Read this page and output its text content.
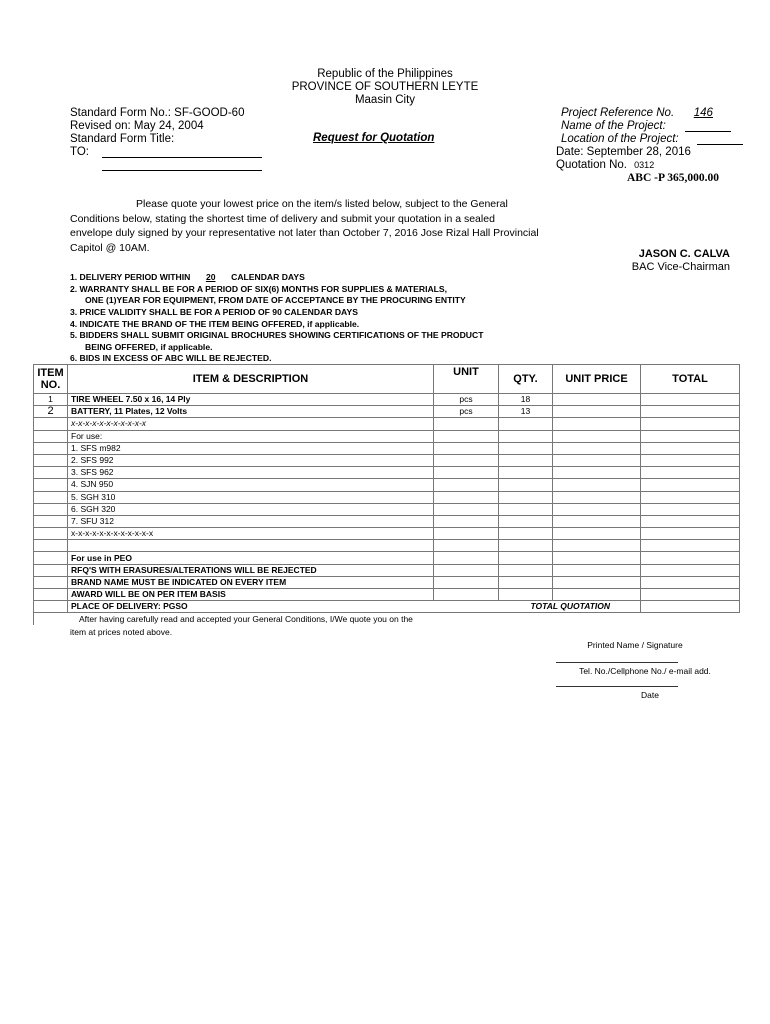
Republic of the Philippines
PROVINCE OF SOUTHERN LEYTE
Maasin City
Standard Form No.: SF-GOOD-60
Revised on: May 24, 2004
Standard Form Title:
TO:
Request for Quotation
Project Reference No. 146
Name of the Project:
Location of the Project:
Date: September 28, 2016
Quotation No. 0312
ABC -P 365,000.00
Please quote your lowest price on the item/s listed below, subject to the General Conditions below, stating the shortest time of delivery and submit your quotation in a sealed envelope duly signed by your representative not later than October 7, 2016 Jose Rizal Hall Provincial Capitol @ 10AM.
JASON C. CALVA
BAC Vice-Chairman
1. DELIVERY PERIOD WITHIN 20 CALENDAR DAYS
2. WARRANTY SHALL BE FOR A PERIOD OF SIX(6) MONTHS FOR SUPPLIES & MATERIALS,
ONE (1)YEAR FOR EQUIPMENT, FROM DATE OF ACCEPTANCE BY THE PROCURING ENTITY
3. PRICE VALIDITY SHALL BE FOR A PERIOD OF 90 CALENDAR DAYS
4. INDICATE THE BRAND OF THE ITEM BEING OFFERED, if applicable.
5. BIDDERS SHALL SUBMIT ORIGINAL BROCHURES SHOWING CERTIFICATIONS OF THE PRODUCT
BEING OFFERED, if applicable.
6. BIDS IN EXCESS OF ABC WILL BE REJECTED.
ITEM NO.	ITEM & DESCRIPTION	UNIT	QTY.	UNIT PRICE	TOTAL
1	TIRE WHEEL 7.50 x 16, 14 Ply	pcs	18		
2	BATTERY, 11 Plates, 12 Volts	pcs	13		
	x-x-x-x-x-x-x-x-x-x-x				
	For use:				
	1. SFS m982				
	2. SFS 992				
	3. SFS 962				
	4. SJN 950				
	5. SGH 310				
	6. SGH 320				
	7. SFU 312				
	x-x-x-x-x-x-x-x-x-x-x-x				

	For use in PEO				
	RFQ'S WITH ERASURES/ALTERATIONS WILL BE REJECTED				
	BRAND NAME MUST BE INDICATED ON EVERY ITEM				
	AWARD WILL BE ON PER ITEM BASIS				
	PLACE OF DELIVERY: PGSO	TOTAL QUOTATION			

After having carefully read and accepted your General Conditions, I/We quote you on the
item at prices noted above.
Printed Name / Signature
Tel. No./Cellphone No./ e-mail add.
Date
